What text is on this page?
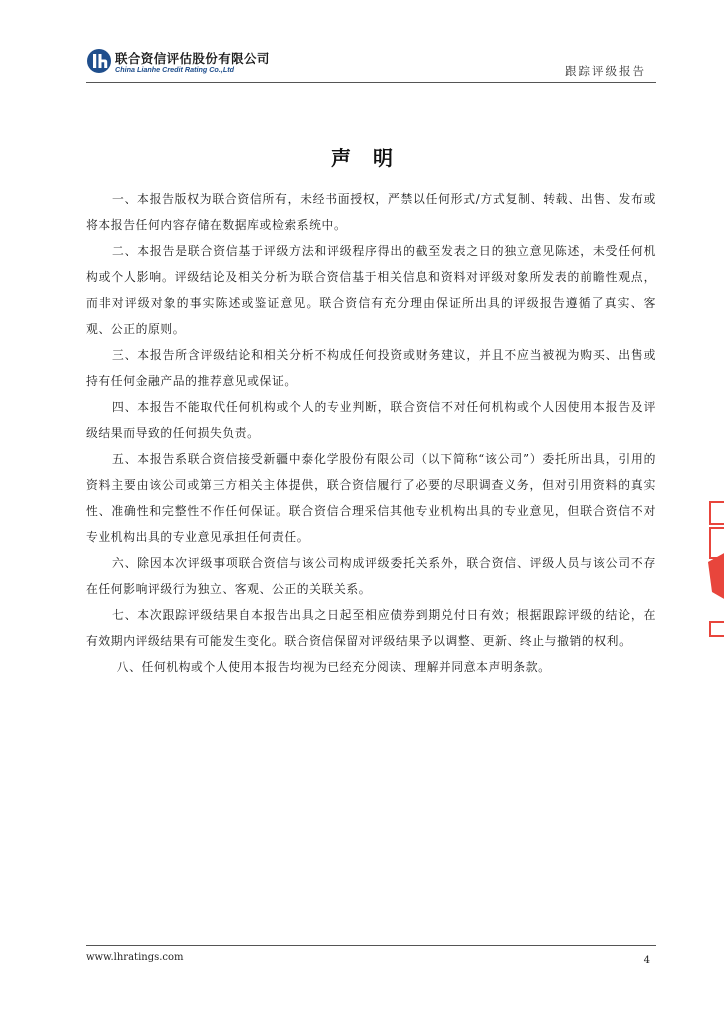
联合资信评估股份有限公司
China Lianhe Credit Rating Co.,Ltd	跟踪评级报告
声明

一、本报告版权为联合资信所有，未经书面授权，严禁以任何形式/方式复制、转载、出售、发布或将本报告任何内容存储在数据库或检索系统中。

二、本报告是联合资信基于评级方法和评级程序得出的截至发表之日的独立意见陈述，未受任何机构或个人影响。评级结论及相关分析为联合资信基于相关信息和资料对评级对象所发表的前瞻性观点，而非对评级对象的事实陈述或鉴证意见。联合资信有充分理由保证所出具的评级报告遵循了真实、客观、公正的原则。

三、本报告所含评级结论和相关分析不构成任何投资或财务建议，并且不应当被视为购买、出售或持有任何金融产品的推荐意见或保证。

四、本报告不能取代任何机构或个人的专业判断，联合资信不对任何机构或个人因使用本报告及评级结果而导致的任何损失负责。

五、本报告系联合资信接受新疆中泰化学股份有限公司（以下简称“该公司”）委托所出具，引用的资料主要由该公司或第三方相关主体提供，联合资信履行了必要的尽职调查义务，但对引用资料的真实性、准确性和完整性不作任何保证。联合资信合理采信其他专业机构出具的专业意见，但联合资信不对专业机构出具的专业意见承担任何责任。

六、除因本次评级事项联合资信与该公司构成评级委托关系外，联合资信、评级人员与该公司不存在任何影响评级行为独立、客观、公正的关联关系。

七、本次跟踪评级结果自本报告出具之日起至相应债券到期兑付日有效；根据跟踪评级的结论，在有效期内评级结果有可能发生变化。联合资信保留对评级结果予以调整、更新、终止与撤销的权利。

八、任何机构或个人使用本报告均视为已经充分阅读、理解并同意本声明条款。

www.lhratings.com	4
